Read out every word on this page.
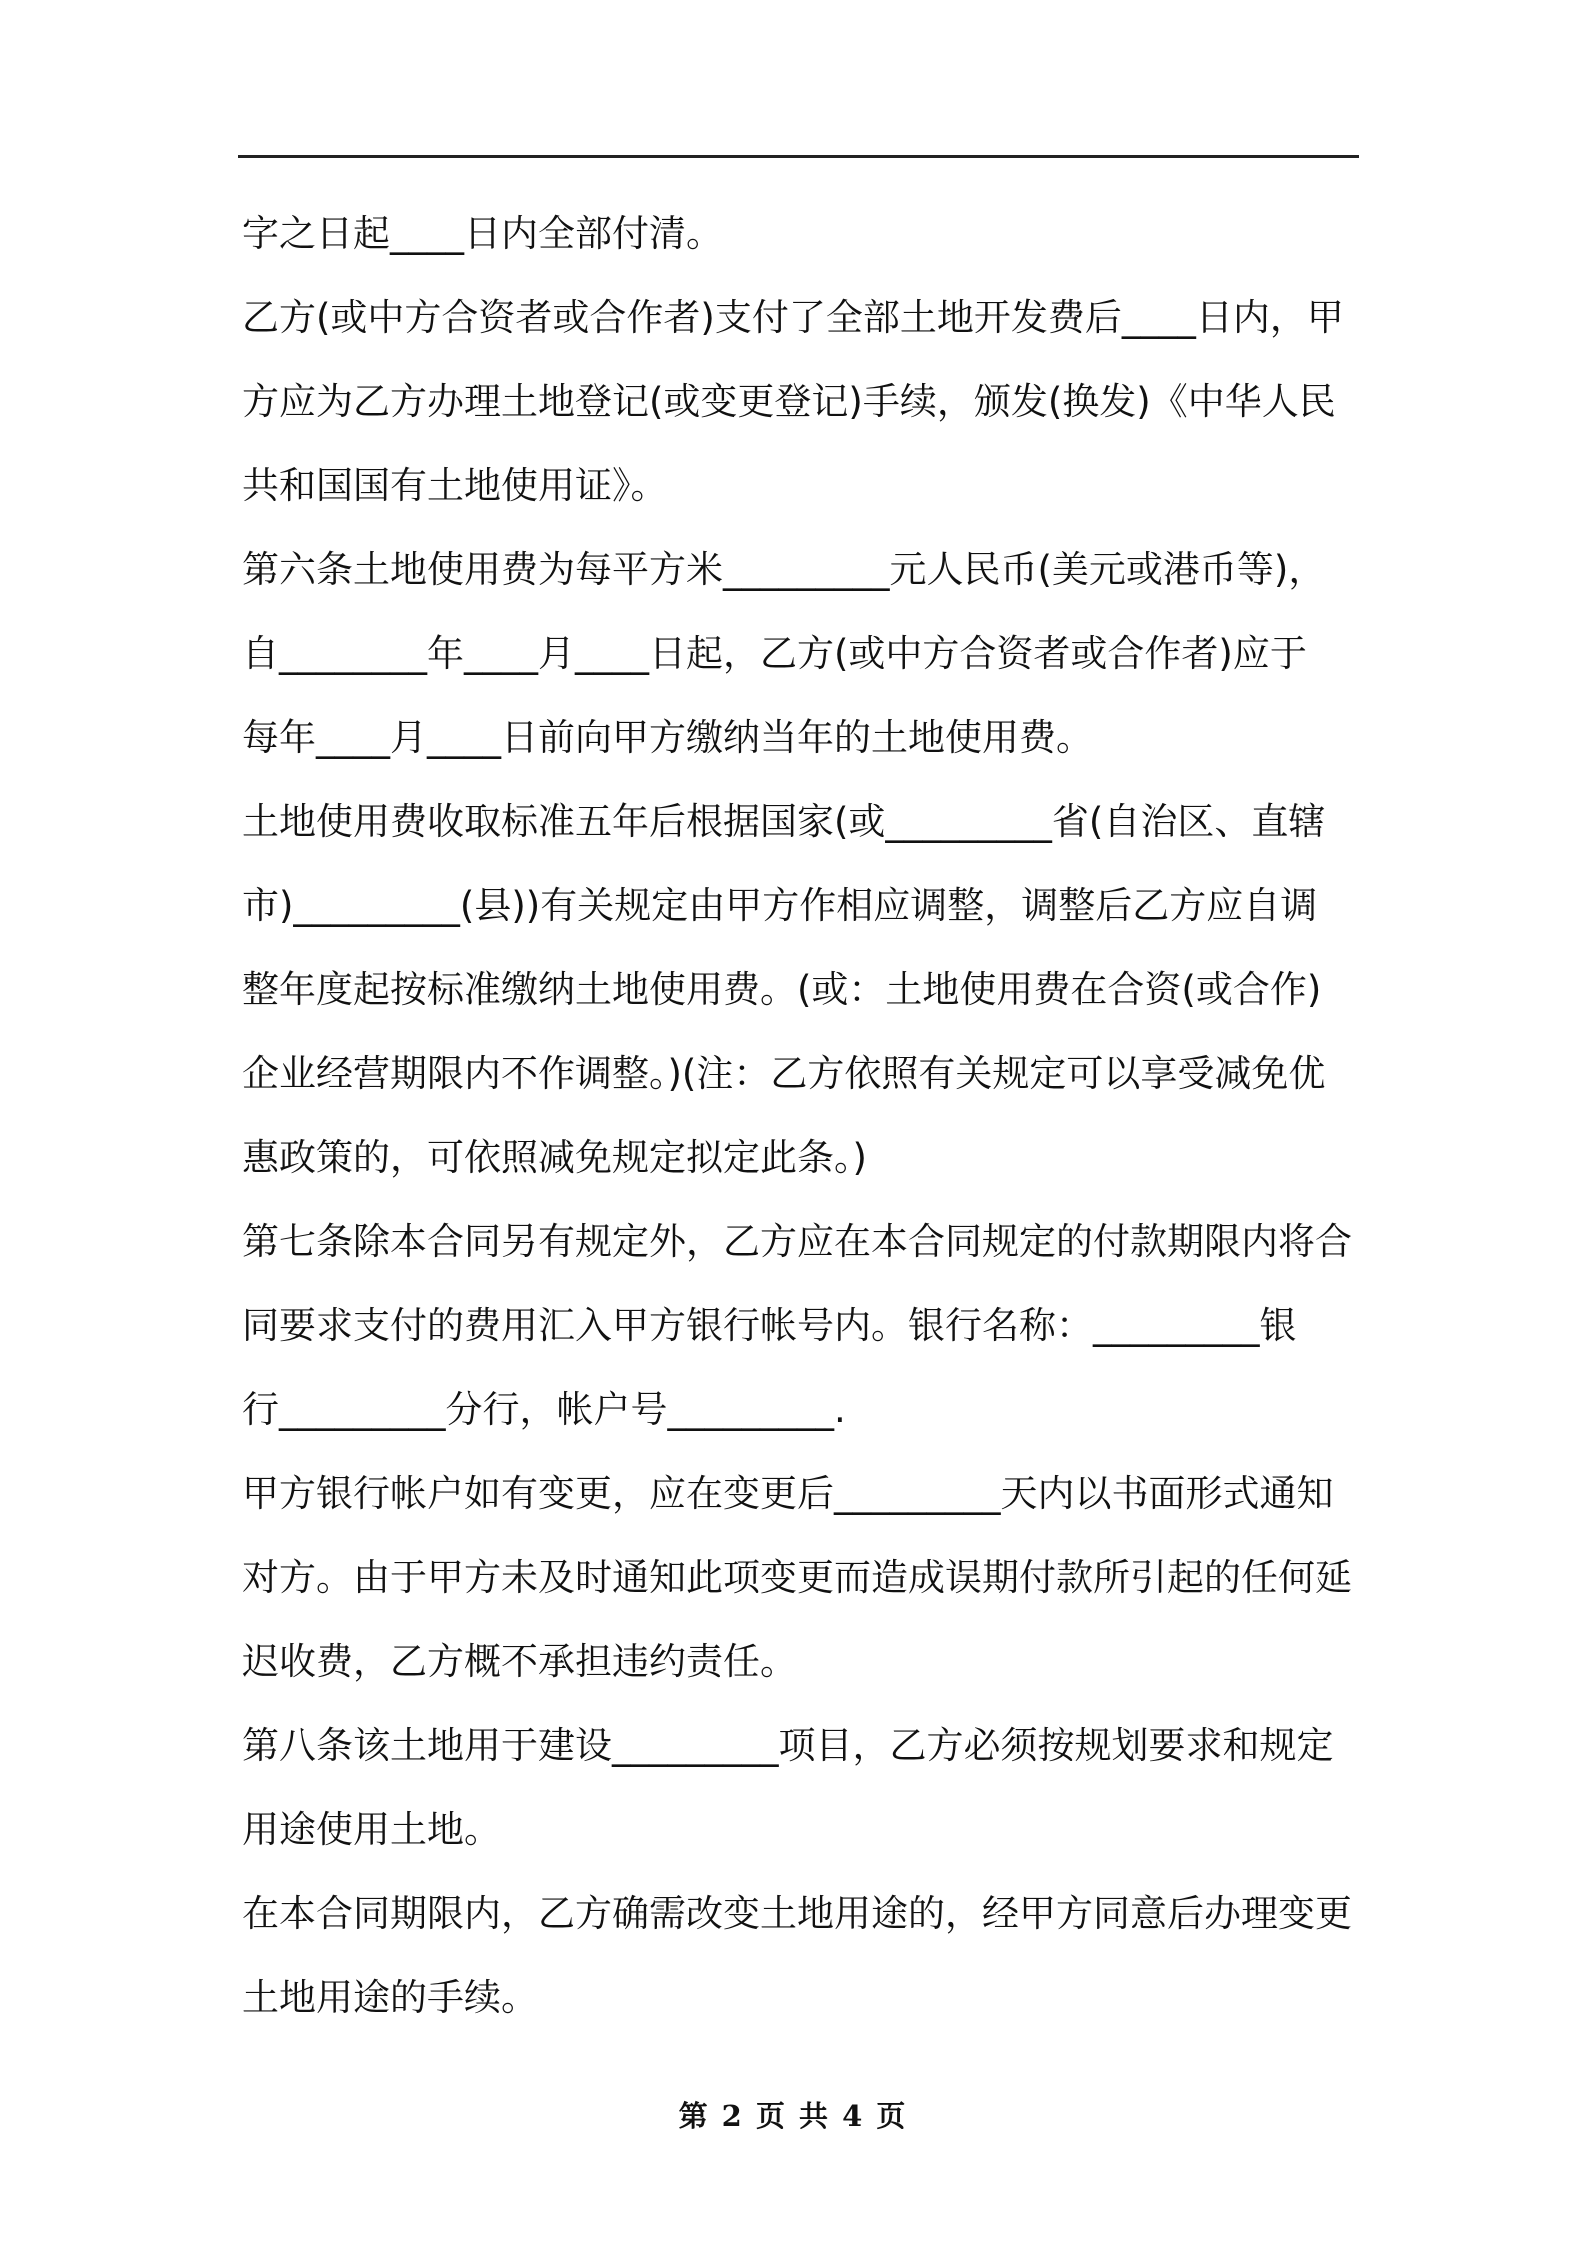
字之日起____日内全部付清。
乙方(或中方合资者或合作者)支付了全部土地开发费后____日内，甲
方应为乙方办理土地登记(或变更登记)手续，颁发(换发)《中华人民
共和国国有土地使用证》。
第六条土地使用费为每平方米_________元人民币(美元或港币等)，
自________年____月____日起，乙方(或中方合资者或合作者)应于
每年____月____日前向甲方缴纳当年的土地使用费。
土地使用费收取标准五年后根据国家(或_________省(自治区、直辖
市)_________(县))有关规定由甲方作相应调整，调整后乙方应自调
整年度起按标准缴纳土地使用费。(或：土地使用费在合资(或合作)
企业经营期限内不作调整。)(注：乙方依照有关规定可以享受减免优
惠政策的，可依照减免规定拟定此条。)
第七条除本合同另有规定外，乙方应在本合同规定的付款期限内将合
同要求支付的费用汇入甲方银行帐号内。银行名称：_________银
行_________分行，帐户号_________.
甲方银行帐户如有变更，应在变更后_________天内以书面形式通知
对方。由于甲方未及时通知此项变更而造成误期付款所引起的任何延
迟收费，乙方概不承担违约责任。
第八条该土地用于建设_________项目，乙方必须按规划要求和规定
用途使用土地。
在本合同期限内，乙方确需改变土地用途的，经甲方同意后办理变更
土地用途的手续。
第 2 页 共 4 页
